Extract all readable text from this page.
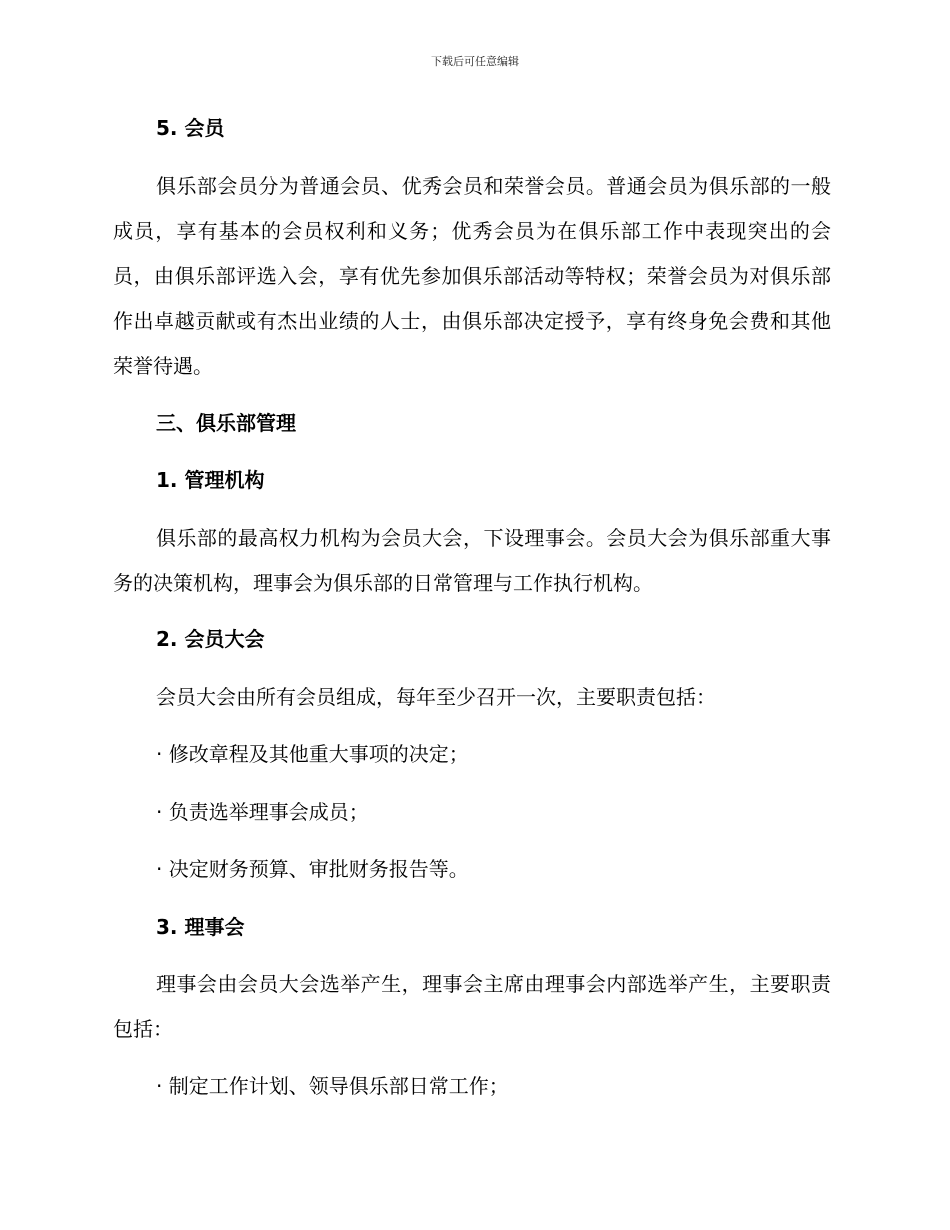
下载后可任意编辑
5. 会员
俱乐部会员分为普通会员、优秀会员和荣誉会员。普通会员为俱乐部的一般成员，享有基本的会员权利和义务；优秀会员为在俱乐部工作中表现突出的会员，由俱乐部评选入会，享有优先参加俱乐部活动等特权；荣誉会员为对俱乐部作出卓越贡献或有杰出业绩的人士，由俱乐部决定授予，享有终身免会费和其他荣誉待遇。
三、俱乐部管理
1. 管理机构
俱乐部的最高权力机构为会员大会，下设理事会。会员大会为俱乐部重大事务的决策机构，理事会为俱乐部的日常管理与工作执行机构。
2. 会员大会
会员大会由所有会员组成，每年至少召开一次，主要职责包括：
· 修改章程及其他重大事项的决定；
· 负责选举理事会成员；
· 决定财务预算、审批财务报告等。
3. 理事会
理事会由会员大会选举产生，理事会主席由理事会内部选举产生，主要职责包括：
· 制定工作计划、领导俱乐部日常工作；
